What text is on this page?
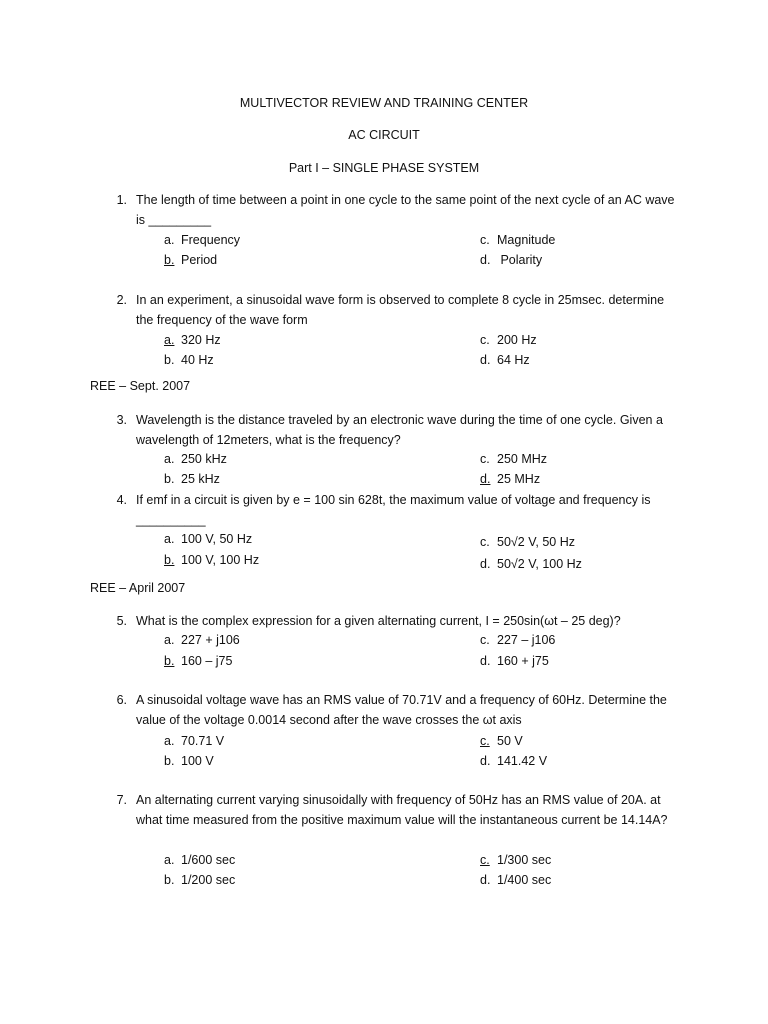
MULTIVECTOR REVIEW AND TRAINING CENTER
AC CIRCUIT
Part I – SINGLE PHASE SYSTEM
1. The length of time between a point in one cycle to the same point of the next cycle of an AC wave is _________
a. Frequency
b. Period
c. Magnitude
d. Polarity
2. In an experiment, a sinusoidal wave form is observed to complete 8 cycle in 25msec. determine the frequency of the wave form
a. 320 Hz
b. 40 Hz
c. 200 Hz
d. 64 Hz
REE – Sept. 2007
3. Wavelength is the distance traveled by an electronic wave during the time of one cycle. Given a wavelength of 12meters, what is the frequency?
a. 250 kHz
b. 25 kHz
c. 250 MHz
d. 25 MHz
4. If emf in a circuit is given by e = 100 sin 628t, the maximum value of voltage and frequency is __________
a. 100 V, 50 Hz
b. 100 V, 100 Hz
c. 50√2 V, 50 Hz
d. 50√2 V, 100 Hz
REE – April 2007
5. What is the complex expression for a given alternating current, I = 250sin(ωt – 25 deg)?
a. 227 + j106
b. 160 – j75
c. 227 – j106
d. 160 + j75
6. A sinusoidal voltage wave has an RMS value of 70.71V and a frequency of 60Hz. Determine the value of the voltage 0.0014 second after the wave crosses the ωt axis
a. 70.71 V
b. 100 V
c. 50 V
d. 141.42 V
7. An alternating current varying sinusoidally with frequency of 50Hz has an RMS value of 20A. at what time measured from the positive maximum value will the instantaneous current be 14.14A?
a. 1/600 sec
b. 1/200 sec
c. 1/300 sec
d. 1/400 sec
